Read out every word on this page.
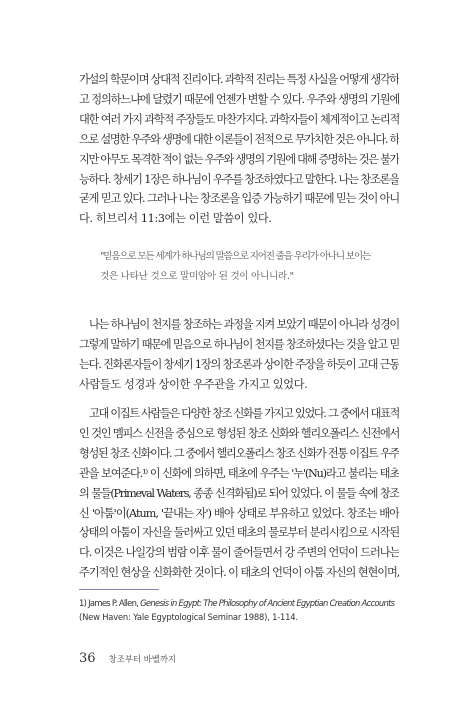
가설의 학문이며 상대적 진리이다. 과학적 진리는 특정 사실을 어떻게 생각하
고 정의하느냐에 달렸기 때문에 언젠가 변할 수 있다. 우주와 생명의 기원에
대한 여러 가지 과학적 주장들도 마찬가지다. 과학자들이 체계적이고 논리적
으로 설명한 우주와 생명에 대한 이론들이 전적으로 무가치한 것은 아니다. 하
지만 아무도 목격한 적이 없는 우주와 생명의 기원에 대해 증명하는 것은 불가
능하다. 창세기 1장은 하나님이 우주를 창조하였다고 말한다. 나는 창조론을
굳게 믿고 있다. 그러나 나는 창조론을 입증 가능하기 때문에 믿는 것이 아니
다. 히브리서 11:3에는 이런 말씀이 있다.
"믿음으로 모든 세계가 하나님의 말씀으로 지어진 줄을 우리가 아나니 보이는
것은 나타난 것으로 말미암아 된 것이 아니니라."
나는 하나님이 천지를 창조하는 과정을 지켜 보았기 때문이 아니라 성경이
그렇게 말하기 때문에 믿음으로 하나님이 천지를 창조하셨다는 것을 알고 믿
는다. 진화론자들이 창세기 1장의 창조론과 상이한 주장을 하듯이 고대 근동
사람들도 성경과 상이한 우주관을 가지고 있었다.
고대 이집트 사람들은 다양한 창조 신화를 가지고 있었다. 그 중에서 대표적
인 것인 멤피스 신전을 중심으로 형성된 창조 신화와 헬리오폴리스 신전에서
형성된 창조 신화이다. 그 중에서 헬리오폴리스 창조 신화가 전통 이집트 우주
관을 보여준다.¹⁾ 이 신화에 의하면, 태초에 우주는 '누'(Nu)라고 불리는 태초
의 물들(Primeval Waters, 종종 신격화됨)로 되어 있었다. 이 물들 속에 창조
신 '아툼'이(Atum, '끝내는 자') 배아 상태로 부유하고 있었다. 창조는 배아
상태의 아툼이 자신을 둘러싸고 있던 태초의 물로부터 분리시킴으로 시작된
다. 이것은 나일강의 범람 이후 물이 줄어들면서 강 주변의 언덕이 드러나는
주기적인 현상을 신화화한 것이다. 이 태초의 언덕이 아툼 자신의 현현이며,
1) James P. Allen, Genesis in Egypt: The Philosophy of Ancient Egyptian Creation Accounts
(New Haven: Yale Egyptological Seminar 1988), 1-114.
36 창조부터 바벨까지
